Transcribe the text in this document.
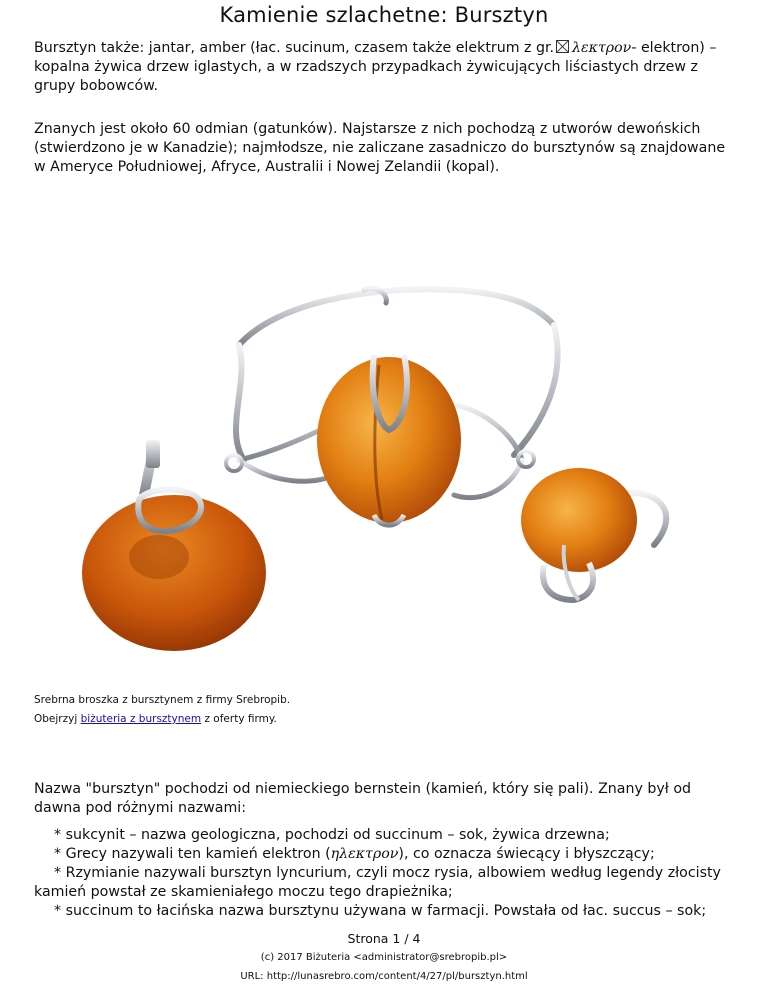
Kamienie szlachetne: Bursztyn

Bursztyn także: jantar, amber (łac. sucinum, czasem także elektrum z gr. λεκτρον- elektron) – kopalna żywica drzew iglastych, a w rzadszych przypadkach żywicujących liściastych drzew z grupy bobowców.

Znanych jest około 60 odmian (gatunków). Najstarsze z nich pochodzą z utworów dewońskich (stwierdzono je w Kanadzie); najmłodsze, nie zaliczane zasadniczo do bursztynów są znajdowane w Ameryce Południowej, Afryce, Australii i Nowej Zelandii (kopal).

Srebrna broszka z bursztynem z firmy Srebropib.
Obejrzyj biżuteria z bursztynem z oferty firmy.

Nazwa "bursztyn" pochodzi od niemieckiego bernstein (kamień, który się pali). Znany był od dawna pod różnymi nazwami:

* sukcynit – nazwa geologiczna, pochodzi od succinum – sok, żywica drzewna;
* Grecy nazywali ten kamień elektron (ηλεκτρον), co oznacza świecący i błyszczący;
* Rzymianie nazywali bursztyn lyncurium, czyli mocz rysia, albowiem według legendy złocisty kamień powstał ze skamieniałego moczu tego drapieżnika;
* succinum to łacińska nazwa bursztynu używana w farmacji. Powstała od łac. succus – sok;
Strona 1 / 4
(c) 2017 Biżuteria <administrator@srebropib.pl>
URL: http://lunasrebro.com/content/4/27/pl/bursztyn.html
